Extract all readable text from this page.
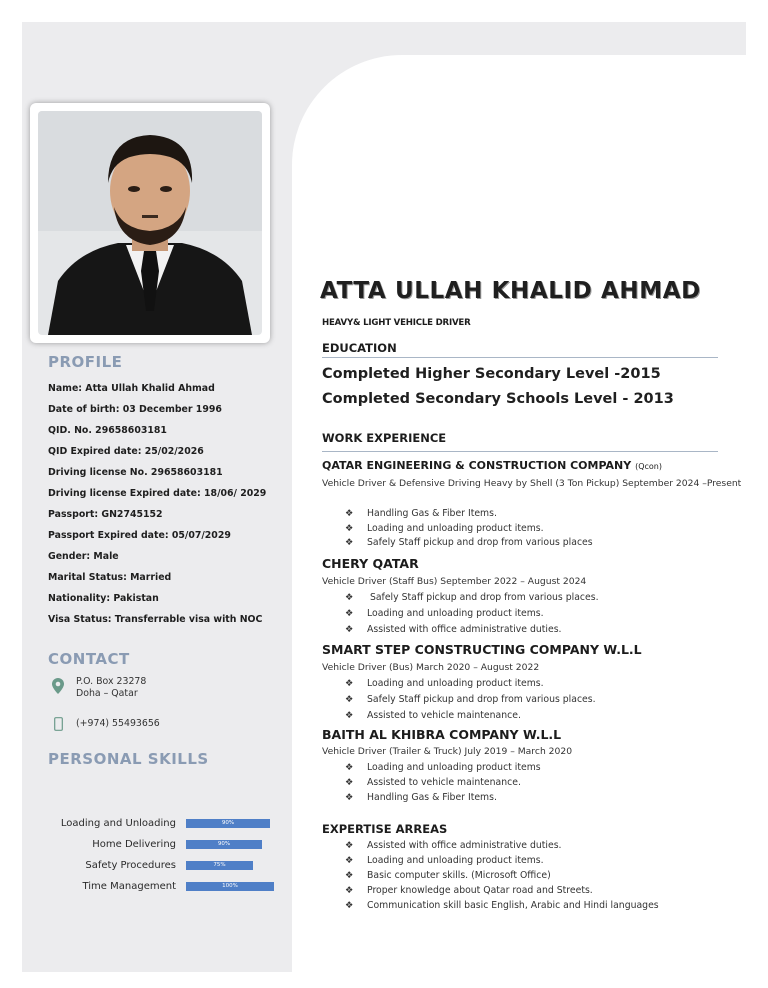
PROFILE
Name: Atta Ullah Khalid Ahmad
Date of birth: 03 December 1996
QID. No. 29658603181
QID Expired date: 25/02/2026
Driving license No. 29658603181
Driving license Expired date: 18/06/ 2029
Passport: GN2745152
Passport Expired date: 05/07/2029
Gender: Male
Marital Status: Married
Nationality: Pakistan
Visa Status: Transferrable visa with NOC
CONTACT
P.O. Box 23278
Doha – Qatar
(+974) 55493656
PERSONAL SKILLS
Loading and Unloading	90%
Home Delivering	90%
Safety Procedures	75%
Time Management	100%
ATTA ULLAH KHALID AHMAD
HEAVY& LIGHT VEHICLE DRIVER
EDUCATION
Completed Higher Secondary Level -2015
Completed Secondary Schools Level - 2013
WORK EXPERIENCE
QATAR ENGINEERING & CONSTRUCTION COMPANY (Qcon)
Vehicle Driver & Defensive Driving Heavy by Shell (3 Ton Pickup) September 2024 –Present
❖ Handling Gas & Fiber Items.
❖ Loading and unloading product items.
❖ Safely Staff pickup and drop from various places
CHERY QATAR
Vehicle Driver (Staff Bus) September 2022 – August 2024
❖ Safely Staff pickup and drop from various places.
❖ Loading and unloading product items.
❖ Assisted with office administrative duties.
SMART STEP CONSTRUCTING COMPANY W.L.L
Vehicle Driver (Bus) March 2020 – August 2022
❖ Loading and unloading product items.
❖ Safely Staff pickup and drop from various places.
❖ Assisted to vehicle maintenance.
BAITH AL KHIBRA COMPANY W.L.L
Vehicle Driver (Trailer & Truck) July 2019 – March 2020
❖ Loading and unloading product items
❖ Assisted to vehicle maintenance.
❖ Handling Gas & Fiber Items.
EXPERTISE ARREAS
❖ Assisted with office administrative duties.
❖ Loading and unloading product items.
❖ Basic computer skills. (Microsoft Office)
❖ Proper knowledge about Qatar road and Streets.
❖ Communication skill basic English, Arabic and Hindi languages
